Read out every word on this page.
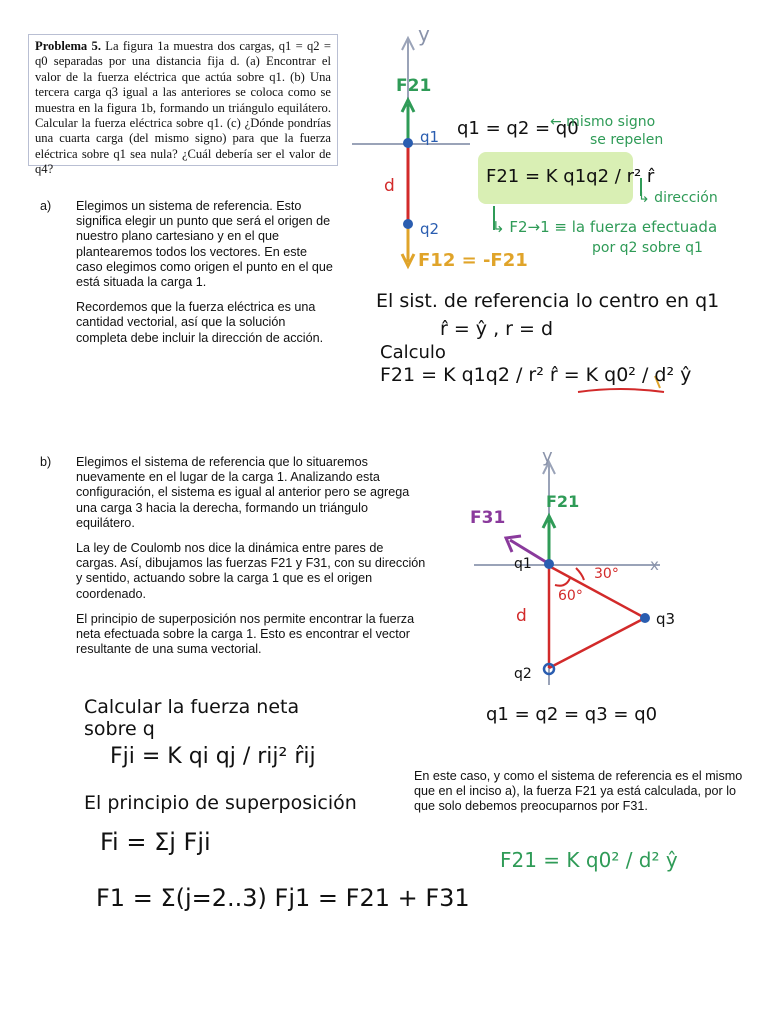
Problema 5. La figura 1a muestra dos cargas, q1 = q2 = q0 separadas por una distancia fija d. (a) Encontrar el valor de la fuerza eléctrica que actúa sobre q1. (b) Una tercera carga q3 igual a las anteriores se coloca como se muestra en la figura 1b, formando un triángulo equilátero. Calcular la fuerza eléctrica sobre q1. (c) ¿Dónde pondrías una cuarta carga (del mismo signo) para que la fuerza eléctrica sobre q1 sea nula? ¿Cuál debería ser el valor de q4?
a) Elegimos un sistema de referencia. Esto significa elegir un punto que será el origen de nuestro plano cartesiano y en el que plantearemos todos los vectores. En este caso elegimos como origen el punto en el que está situada la carga 1.

Recordemos que la fuerza eléctrica es una cantidad vectorial, así que la solución completa debe incluir la dirección de acción.

b) Elegimos el sistema de referencia que lo situaremos nuevamente en el lugar de la carga 1. Analizando esta configuración, el sistema es igual al anterior pero se agrega una carga 3 hacia la derecha, formando un triángulo equilátero.

La ley de Coulomb nos dice la dinámica entre pares de cargas. Así, dibujamos las fuerzas F21 y F31, con su dirección y sentido, actuando sobre la carga 1 que es el origen coordenado.

El principio de superposición nos permite encontrar la fuerza neta efectuada sobre la carga 1. Esto es encontrar el vector resultante de una suma vectorial.

En este caso, y como el sistema de referencia es el mismo que en el inciso a), la fuerza F21 ya está calculada, por lo que solo debemos preocuparnos por F31.
y
F21
q1
d
q2
F12 = -F21
q1 = q2 = q0
← mismo signo
se repelen
F21 = K q1q2 / r² r̂
↳ dirección
↳ F2→1 ≡ la fuerza efectuada
por q2 sobre q1
El sist. de referencia lo centro en q1
r̂ = ŷ , r = d
Calculo
F21 = K q1q2 / r² r̂ = K q0² / d² ŷ
y
x
F21
F31
q1
30°
60°
d	q3
q2
q1 = q2 = q3 = q0
Calcular la fuerza neta
sobre q
Fji = K qi qj / rij² r̂ij
El principio de superposición
Fi = Σj Fji
F1 = Σ(j=2..3) Fj1 = F21 + F31
F21 = K q0² / d² ŷ
